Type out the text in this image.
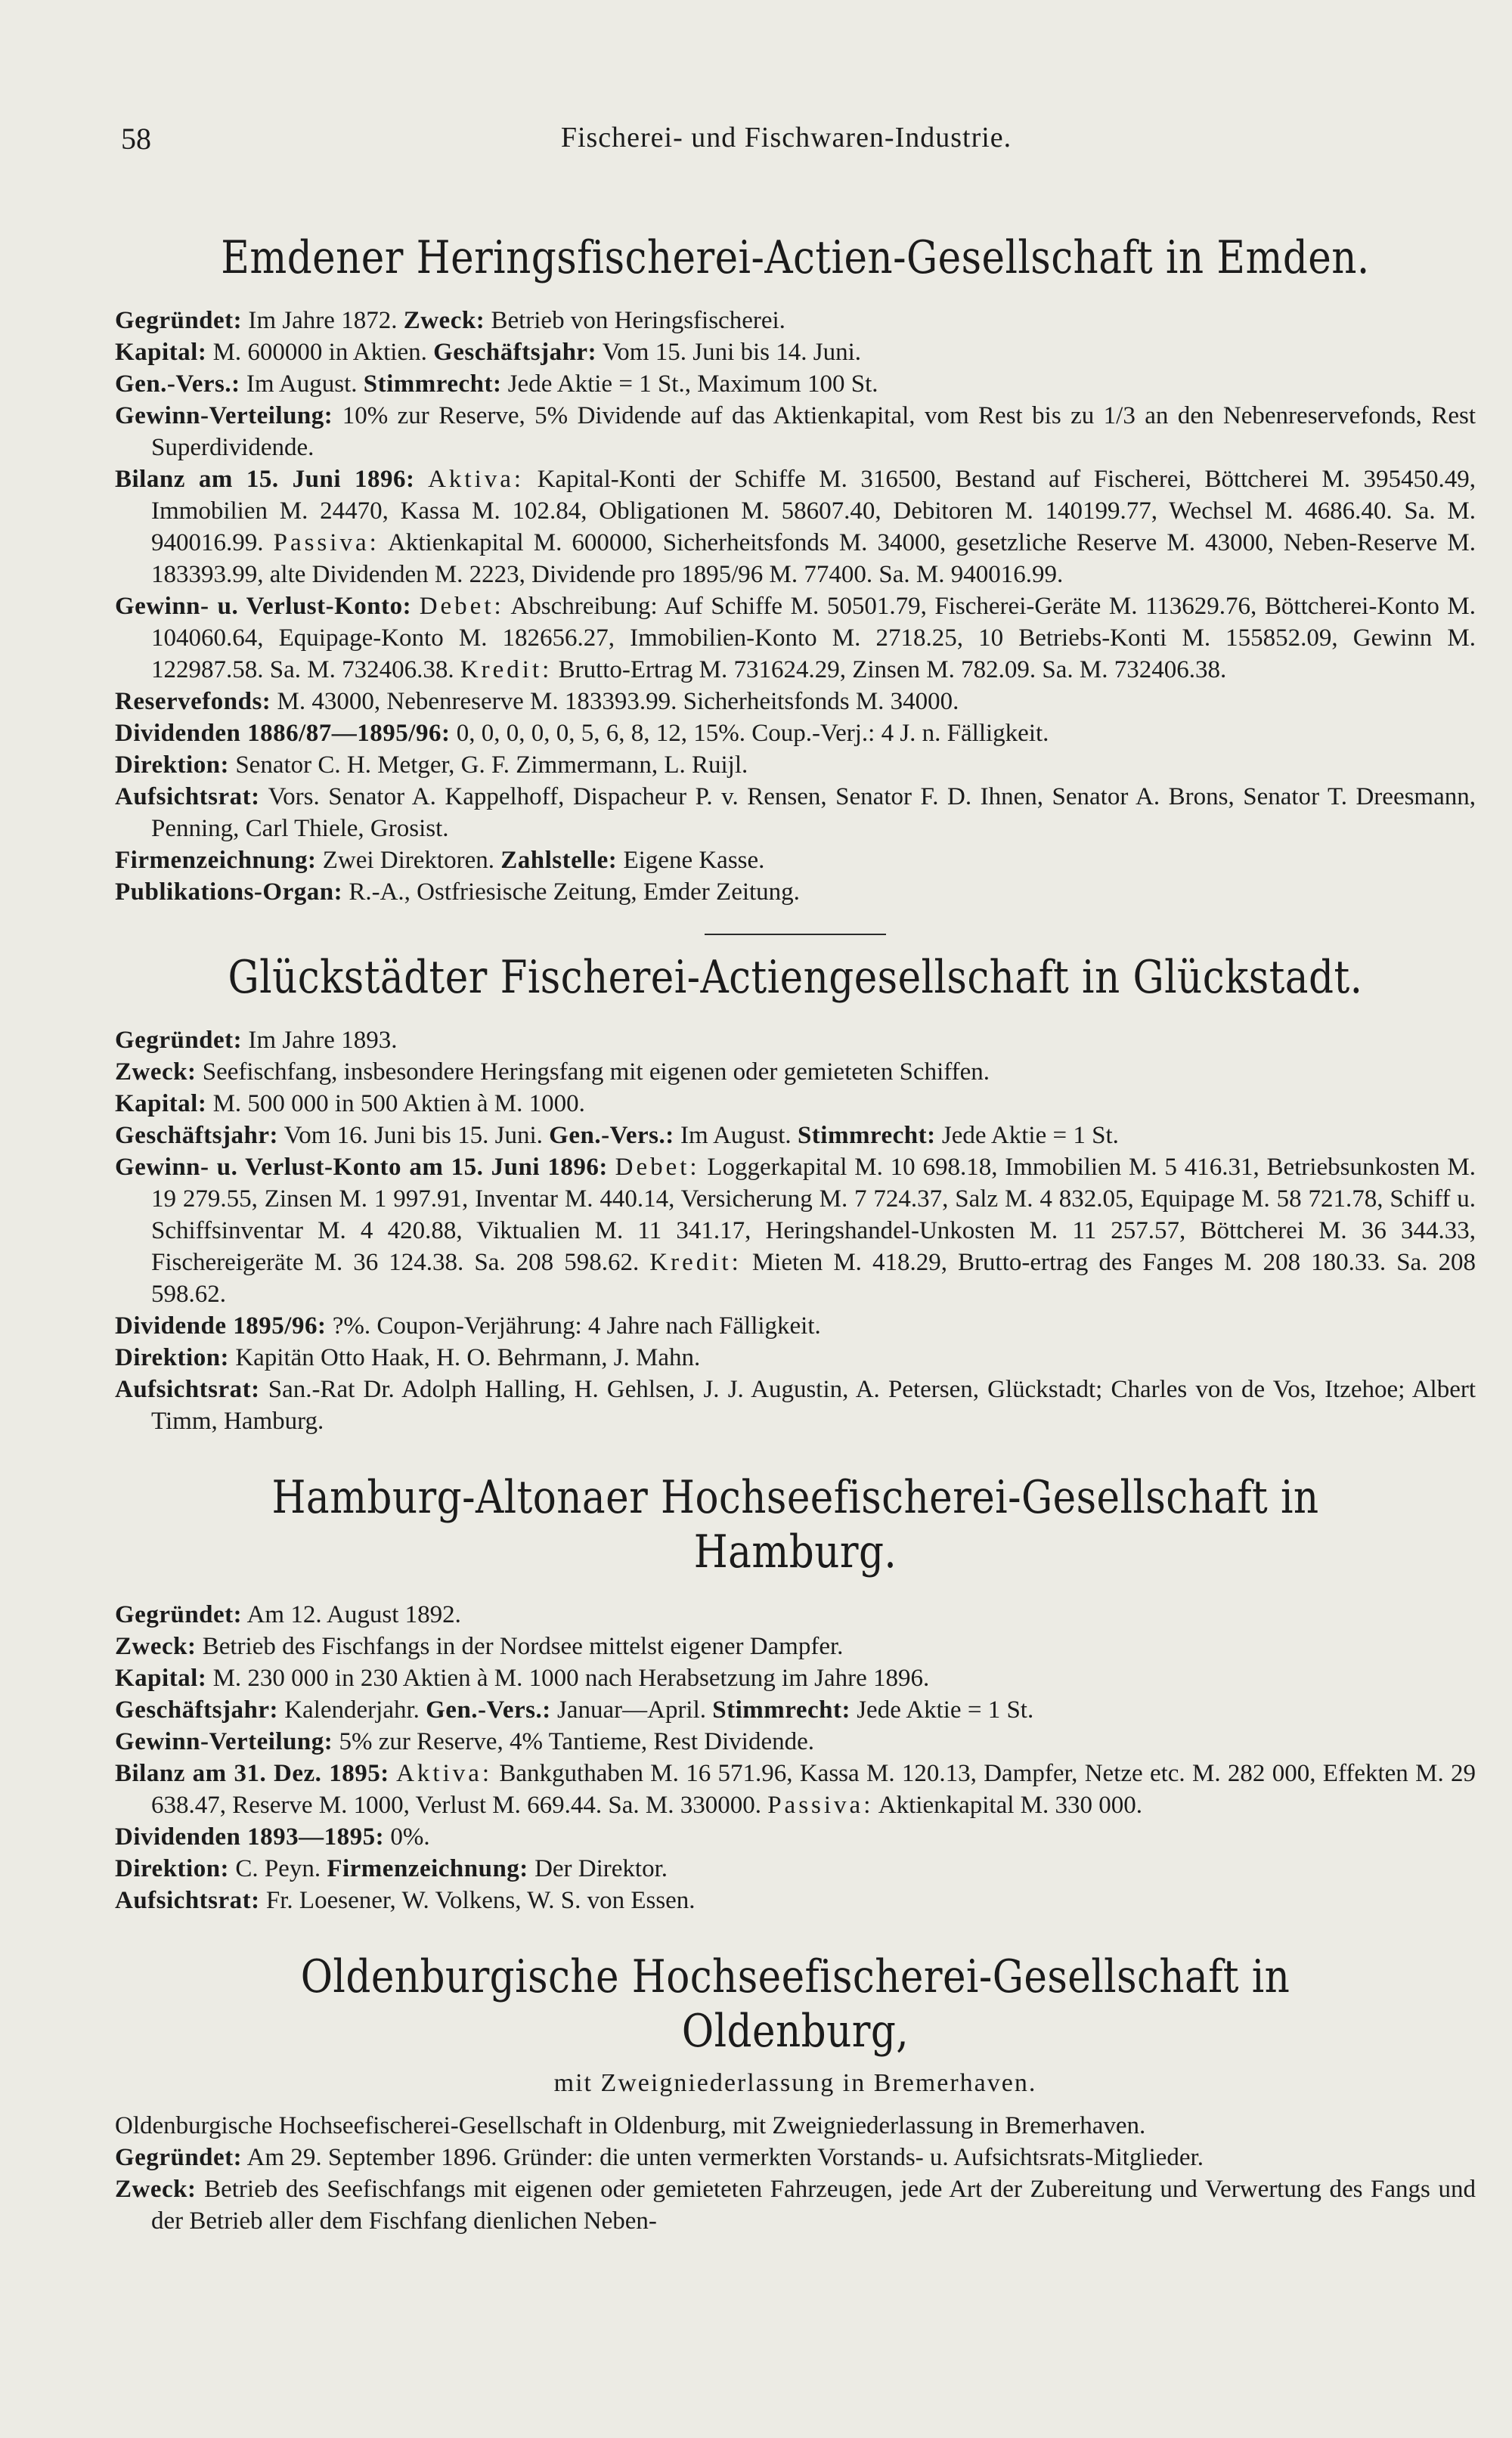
58	Fischerei- und Fischwaren-Industrie.
Emdener Heringsfischerei-Actien-Gesellschaft in Emden.

Gegründet: Im Jahre 1872. Zweck: Betrieb von Heringsfischerei.

Kapital: M. 600000 in Aktien. Geschäftsjahr: Vom 15. Juni bis 14. Juni.

Gen.-Vers.: Im August. Stimmrecht: Jede Aktie = 1 St., Maximum 100 St.

Gewinn-Verteilung: 10% zur Reserve, 5% Dividende auf das Aktienkapital, vom Rest bis zu 1/3 an den Nebenreservefonds, Rest Superdividende.

Bilanz am 15. Juni 1896: Aktiva: Kapital-Konti der Schiffe M. 316500, Bestand auf Fischerei, Böttcherei M. 395450.49, Immobilien M. 24470, Kassa M. 102.84, Obligationen M. 58607.40, Debitoren M. 140199.77, Wechsel M. 4686.40. Sa. M. 940016.99. Passiva: Aktienkapital M. 600000, Sicherheitsfonds M. 34000, gesetzliche Reserve M. 43000, Neben-Reserve M. 183393.99, alte Dividenden M. 2223, Dividende pro 1895/96 M. 77400. Sa. M. 940016.99.

Gewinn- u. Verlust-Konto: Debet: Abschreibung: Auf Schiffe M. 50501.79, Fischerei-Geräte M. 113629.76, Böttcherei-Konto M. 104060.64, Equipage-Konto M. 182656.27, Immobilien-Konto M. 2718.25, 10 Betriebs-Konti M. 155852.09, Gewinn M. 122987.58. Sa. M. 732406.38. Kredit: Brutto-Ertrag M. 731624.29, Zinsen M. 782.09. Sa. M. 732406.38.

Reservefonds: M. 43000, Nebenreserve M. 183393.99. Sicherheitsfonds M. 34000.

Dividenden 1886/87—1895/96: 0, 0, 0, 0, 0, 5, 6, 8, 12, 15%. Coup.-Verj.: 4 J. n. Fälligkeit.

Direktion: Senator C. H. Metger, G. F. Zimmermann, L. Ruijl.

Aufsichtsrat: Vors. Senator A. Kappelhoff, Dispacheur P. v. Rensen, Senator F. D. Ihnen, Senator A. Brons, Senator T. Dreesmann, Penning, Carl Thiele, Grosist.

Firmenzeichnung: Zwei Direktoren. Zahlstelle: Eigene Kasse.

Publikations-Organ: R.-A., Ostfriesische Zeitung, Emder Zeitung.

Glückstädter Fischerei-Actiengesellschaft in Glückstadt.

Gegründet: Im Jahre 1893.

Zweck: Seefischfang, insbesondere Heringsfang mit eigenen oder gemieteten Schiffen.

Kapital: M. 500 000 in 500 Aktien à M. 1000.

Geschäftsjahr: Vom 16. Juni bis 15. Juni. Gen.-Vers.: Im August. Stimmrecht: Jede Aktie = 1 St.

Gewinn- u. Verlust-Konto am 15. Juni 1896: Debet: Loggerkapital M. 10 698.18, Immobilien M. 5 416.31, Betriebsunkosten M. 19 279.55, Zinsen M. 1 997.91, Inventar M. 440.14, Versicherung M. 7 724.37, Salz M. 4 832.05, Equipage M. 58 721.78, Schiff u. Schiffsinventar M. 4 420.88, Viktualien M. 11 341.17, Heringshandel-Unkosten M. 11 257.57, Böttcherei M. 36 344.33, Fischereigeräte M. 36 124.38. Sa. 208 598.62. Kredit: Mieten M. 418.29, Brutto-ertrag des Fanges M. 208 180.33. Sa. 208 598.62.

Dividende 1895/96: ?%. Coupon-Verjährung: 4 Jahre nach Fälligkeit.

Direktion: Kapitän Otto Haak, H. O. Behrmann, J. Mahn.

Aufsichtsrat: San.-Rat Dr. Adolph Halling, H. Gehlsen, J. J. Augustin, A. Petersen, Glückstadt; Charles von de Vos, Itzehoe; Albert Timm, Hamburg.

Hamburg-Altonaer Hochseefischerei-Gesellschaft in Hamburg.

Gegründet: Am 12. August 1892.

Zweck: Betrieb des Fischfangs in der Nordsee mittelst eigener Dampfer.

Kapital: M. 230 000 in 230 Aktien à M. 1000 nach Herabsetzung im Jahre 1896.

Geschäftsjahr: Kalenderjahr. Gen.-Vers.: Januar—April. Stimmrecht: Jede Aktie = 1 St.

Gewinn-Verteilung: 5% zur Reserve, 4% Tantieme, Rest Dividende.

Bilanz am 31. Dez. 1895: Aktiva: Bankguthaben M. 16 571.96, Kassa M. 120.13, Dampfer, Netze etc. M. 282 000, Effekten M. 29 638.47, Reserve M. 1000, Verlust M. 669.44. Sa. M. 330000. Passiva: Aktienkapital M. 330 000.

Dividenden 1893—1895: 0%.

Direktion: C. Peyn. Firmenzeichnung: Der Direktor.

Aufsichtsrat: Fr. Loesener, W. Volkens, W. S. von Essen.

Oldenburgische Hochseefischerei-Gesellschaft in Oldenburg,
mit Zweigniederlassung in Bremerhaven.

Oldenburgische Hochseefischerei-Gesellschaft in Oldenburg, mit Zweigniederlassung in Bremerhaven.

Gegründet: Am 29. September 1896. Gründer: die unten vermerkten Vorstands- u. Aufsichtsrats-Mitglieder.

Zweck: Betrieb des Seefischfangs mit eigenen oder gemieteten Fahrzeugen, jede Art der Zubereitung und Verwertung des Fangs und der Betrieb aller dem Fischfang dienlichen Neben-
